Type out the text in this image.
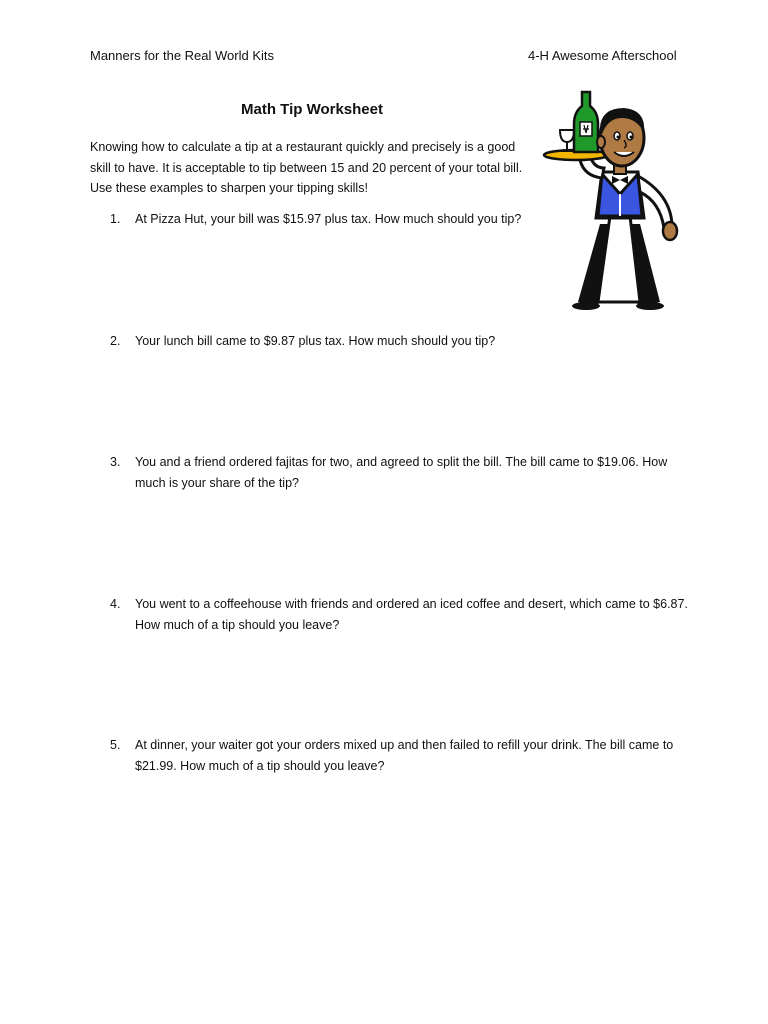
Manners for the Real World Kits	4-H Awesome Afterschool
Math Tip Worksheet
Knowing how to calculate a tip at a restaurant quickly and precisely is a good skill to have. It is acceptable to tip between 15 and 20 percent of your total bill. Use these examples to sharpen your tipping skills!
1.	At Pizza Hut, your bill was $15.97 plus tax. How much should you tip?
2.	Your lunch bill came to $9.87 plus tax. How much should you tip?
3.	You and a friend ordered fajitas for two, and agreed to split the bill. The bill came to $19.06. How much is your share of the tip?
4.	You went to a coffeehouse with friends and ordered an iced coffee and desert, which came to $6.87. How much of a tip should you leave?
5.	At dinner, your waiter got your orders mixed up and then failed to refill your drink. The bill came to $21.99. How much of a tip should you leave?
